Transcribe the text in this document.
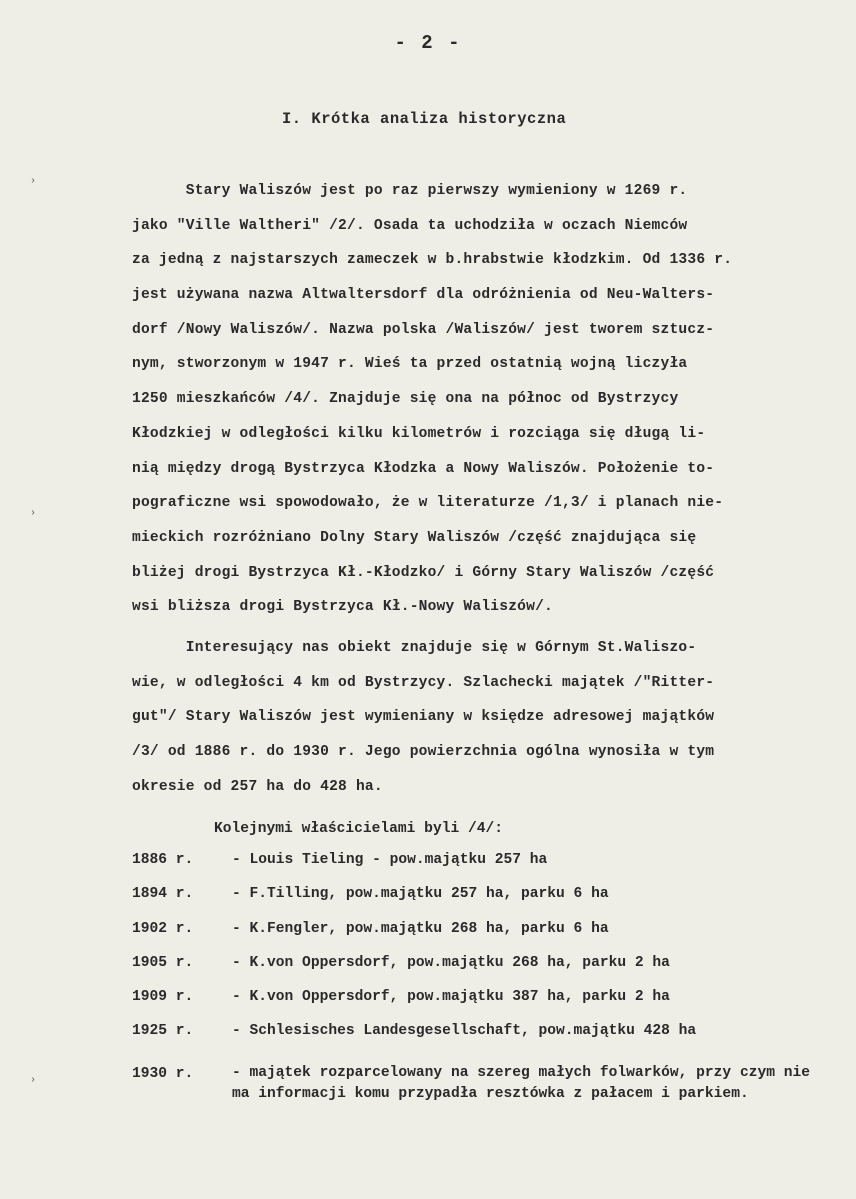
›
›
›
- 2 -
I. Krótka analiza historyczna
Stary Waliszów jest po raz pierwszy wymieniony w 1269 r.
jako "Ville Waltheri" /2/. Osada ta uchodziła w oczach Niemców
za jedną z najstarszych zameczek w b.hrabstwie kłodzkim. Od 1336 r.
jest używana nazwa Altwaltersdorf dla odróżnienia od Neu-Walters-
dorf /Nowy Waliszów/. Nazwa polska /Waliszów/ jest tworem sztucz-
nym, stworzonym w 1947 r. Wieś ta przed ostatnią wojną liczyła
1250 mieszkańców /4/. Znajduje się ona na północ od Bystrzycy
Kłodzkiej w odległości kilku kilometrów i rozciąga się długą li-
nią między drogą Bystrzyca Kłodzka a Nowy Waliszów. Położenie to-
pograficzne wsi spowodowało, że w literaturze /1,3/ i planach nie-
mieckich rozróżniano Dolny Stary Waliszów /część znajdująca się
bliżej drogi Bystrzyca Kł.-Kłodzko/ i Górny Stary Waliszów /część
wsi bliższa drogi Bystrzyca Kł.-Nowy Waliszów/.
Interesujący nas obiekt znajduje się w Górnym St.Waliszo-
wie, w odległości 4 km od Bystrzycy. Szlachecki majątek /"Ritter-
gut"/ Stary Waliszów jest wymieniany w księdze adresowej majątków
/3/ od 1886 r. do 1930 r. Jego powierzchnia ogólna wynosiła w tym
okresie od 257 ha do 428 ha.
Kolejnymi właścicielami byli /4/:
1886 r.	- Louis Tieling - pow.majątku 257 ha
1894 r.	- F.Tilling, pow.majątku 257 ha, parku 6 ha
1902 r.	- K.Fengler, pow.majątku 268 ha, parku 6 ha
1905 r.	- K.von Oppersdorf, pow.majątku 268 ha, parku 2 ha
1909 r.	- K.von Oppersdorf, pow.majątku 387 ha, parku 2 ha
1925 r.	- Schlesisches Landesgesellschaft, pow.majątku 428 ha
1930 r.	- majątek rozparcelowany na szereg małych folwarków, przy czym nie ma informacji komu przypadła resztówka z pałacem i parkiem.
